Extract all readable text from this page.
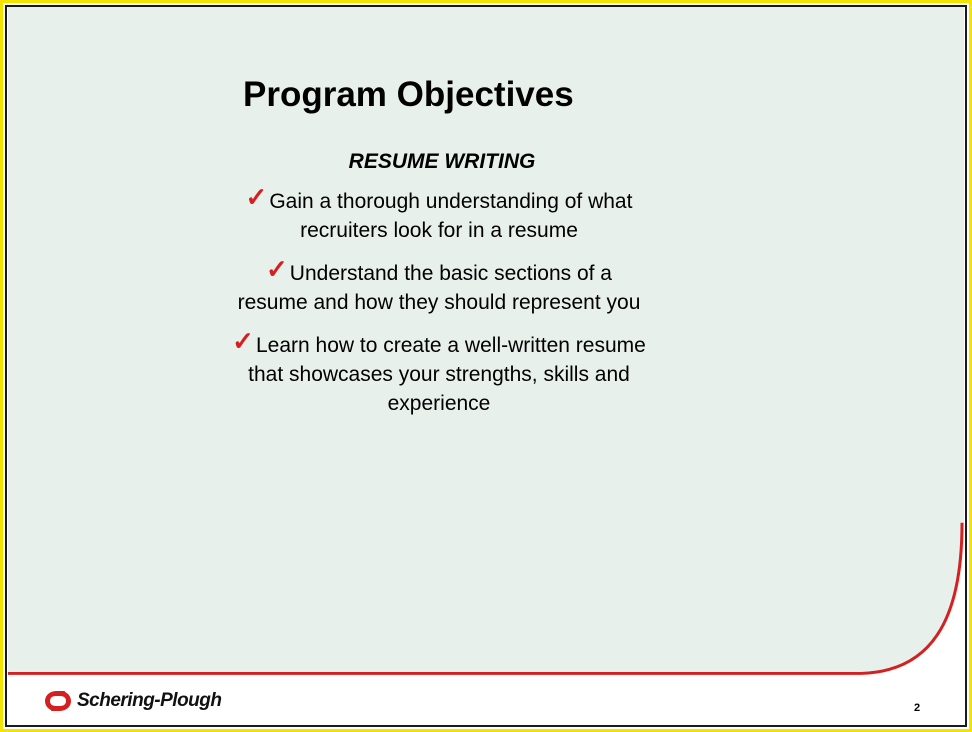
Program Objectives
RESUME WRITING
✓Gain a thorough understanding of what recruiters look for in a resume
✓Understand the basic sections of a resume and how they should represent you
✓Learn how to create a well-written resume that showcases your strengths, skills and experience
Schering-Plough	2
